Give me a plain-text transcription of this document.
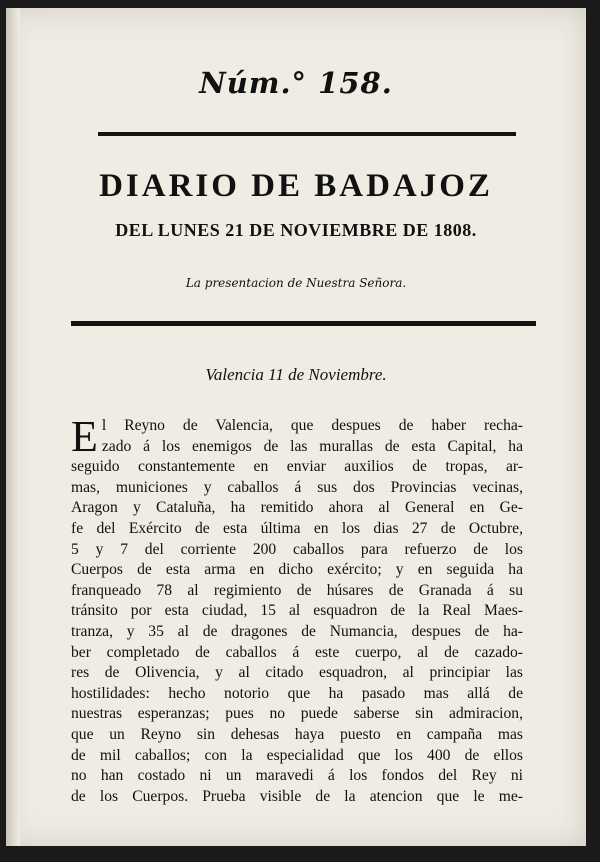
Núm.° 158.
DIARIO DE BADAJOZ
DEL LUNES 21 DE NOVIEMBRE DE 1808.
La presentacion de Nuestra Señora.
Valencia 11 de Noviembre.
E l Reyno de Valencia, que despues de haber recha-
zado á los enemigos de las murallas de esta Capital, ha
seguido constantemente en enviar auxilios de tropas, ar-
mas, municiones y caballos á sus dos Provincias vecinas,
Aragon y Cataluña, ha remitido ahora al General en Ge-
fe del Exército de esta última en los dias 27 de Octubre,
5 y 7 del corriente 200 caballos para refuerzo de los
Cuerpos de esta arma en dicho exército; y en seguida ha
franqueado 78 al regimiento de húsares de Granada á su
tránsito por esta ciudad, 15 al esquadron de la Real Maes-
tranza, y 35 al de dragones de Numancia, despues de ha-
ber completado de caballos á este cuerpo, al de cazado-
res de Olivencia, y al citado esquadron, al principiar las
hostilidades: hecho notorio que ha pasado mas allá de
nuestras esperanzas; pues no puede saberse sin admiracion,
que un Reyno sin dehesas haya puesto en campaña mas
de mil caballos; con la especialidad que los 400 de ellos
no han costado ni un maravedi á los fondos del Rey ni
de los Cuerpos. Prueba visible de la atencion que le me-
